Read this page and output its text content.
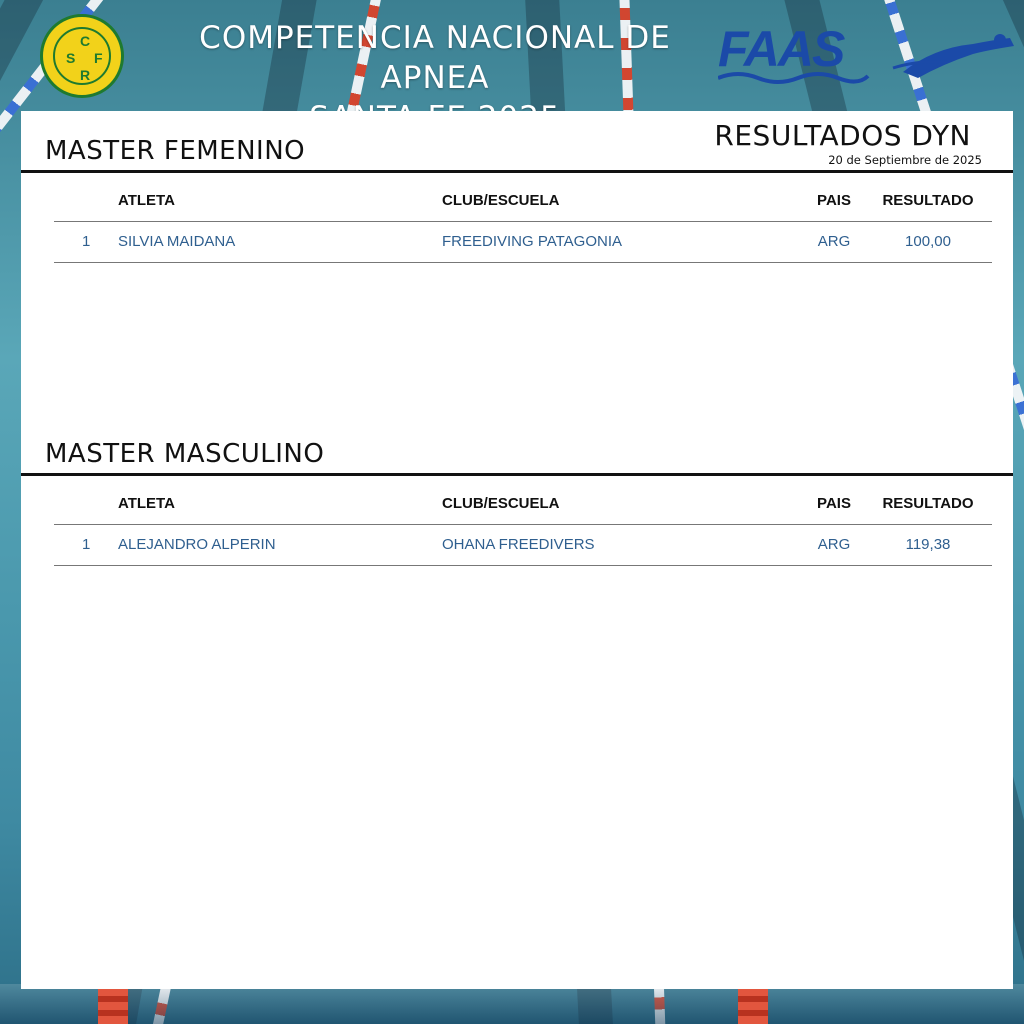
C
S F
R
COMPETENCIA NACIONAL DE APNEA
FAAS
RESULTADOS DYN
20 de Septiembre de 2025
MASTER FEMENINO
ATLETA	CLUB/ESCUELA	PAIS	RESULTADO
1 SILVIA MAIDANA	FREEDIVING PATAGONIA	ARG	100,00
MASTER MASCULINO
ATLETA	CLUB/ESCUELA	PAIS	RESULTADO
1 ALEJANDRO ALPERIN	OHANA FREEDIVERS	ARG	119,38
